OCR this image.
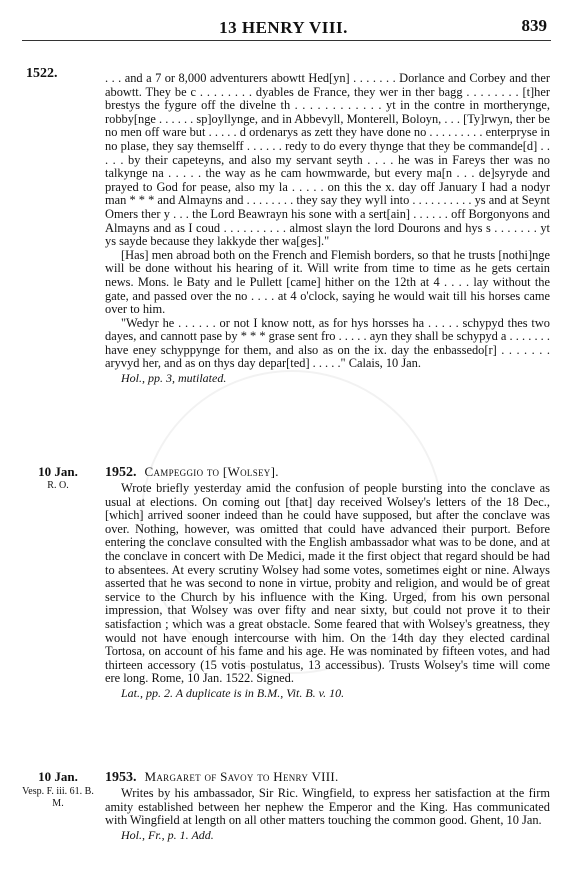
13 HENRY VIII.	839
1522.	. . . and a 7 or 8,000 adventurers abowtt Hed[yn] . . . . . . . Dorlance and Corbey and ther abowtt. They be c . . . . . . . . dyables de France, they wer in ther bagg . . . . . . . . [t]her brestys the fygure off the divelne th . . . . . . . . . . . . yt in the contre in mortherynge, robby[nge . . . . . . sp]oyllynge, and in Abbevyll, Monterell, Boloyn, . . . [Ty]rwyn, ther be no men off ware but . . . . . d ordenarys as zett they have done no . . . . . . . . . enterpryse in no plase, they say themselff . . . . . . redy to do every thynge that they be commande[d] . . . . . by their capeteyns, and also my servant seyth . . . . he was in Fareys ther was no talkynge na . . . . . the way as he cam howmwarde, but every ma[n . . . de]syryde and prayed to God for pease, also my la . . . . . on this the x. day off January I had a nodyr man * * * and Almayns and . . . . . . . . they say they wyll into . . . . . . . . . . ys and at Seynt Omers ther y . . . the Lord Beawrayn his sone with a sert[ain] . . . . . . off Borgonyons and Almayns and as I coud . . . . . . . . . . almost slayn the lord Dourons and hys s . . . . . . . yt ys sayde because they lakkyde ther wa[ges]."

[Has] men abroad both on the French and Flemish borders, so that he trusts [nothi]nge will be done without his hearing of it. Will write from time to time as he gets certain news. Mons. le Baty and le Pullett [came] hither on the 12th at 4 . . . . lay without the gate, and passed over the no . . . . at 4 o'clock, saying he would wait till his horses came over to him.

"Wedyr he . . . . . . or not I know nott, as for hys horsses ha . . . . . schypyd thes two dayes, and cannott pase by * * * grase sent fro . . . . . ayn they shall be schypyd a . . . . . . . have eney schyppynge for them, and also as on the ix. day the enbassedo[r] . . . . . . . aryvyd her, and as on thys day depar[ted] . . . . ." Calais, 10 Jan.

Hol., pp. 3, mutilated.

10 Jan.
R. O.
1952. Campeggio to [Wolsey].

Wrote briefly yesterday amid the confusion of people bursting into the conclave as usual at elections. On coming out [that] day received Wolsey's letters of the 18 Dec., [which] arrived sooner indeed than he could have supposed, but after the conclave was over. Nothing, however, was omitted that could have advanced their purport. Before entering the conclave consulted with the English ambassador what was to be done, and at the conclave in concert with De Medici, made it the first object that regard should be had to absentees. At every scrutiny Wolsey had some votes, sometimes eight or nine. Always asserted that he was second to none in virtue, probity and religion, and would be of great service to the Church by his influence with the King. Urged, from his own personal impression, that Wolsey was over fifty and near sixty, but could not prove it to their satisfaction ; which was a great obstacle. Some feared that with Wolsey's greatness, they would not have enough intercourse with him. On the 14th day they elected cardinal Tortosa, on account of his fame and his age. He was nominated by fifteen votes, and had thirteen accessory (15 votis postulatus, 13 accessibus). Trusts Wolsey's time will come ere long. Rome, 10 Jan. 1522. Signed.

Lat., pp. 2. A duplicate is in B.M., Vit. B. v. 10.

10 Jan.
Vesp. F. iii. 61. B. M.
1953. Margaret of Savoy to Henry VIII.

Writes by his ambassador, Sir Ric. Wingfield, to express her satisfaction at the firm amity established between her nephew the Emperor and the King. Has communicated with Wingfield at length on all other matters touching the common good. Ghent, 10 Jan.

Hol., Fr., p. 1. Add.
